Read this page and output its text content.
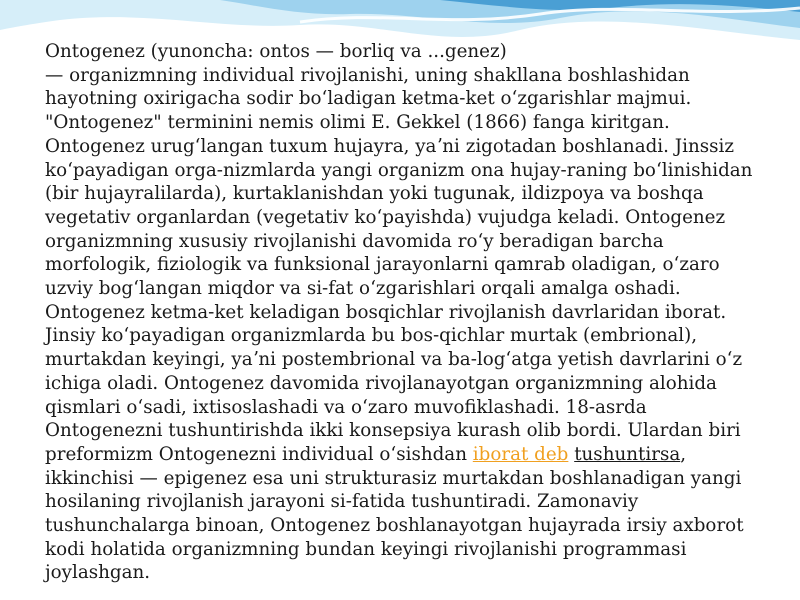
Ontogenez (yunoncha: ontos — borliq va ...genez)
— organizmning individual rivojlanishi, uning shakllana boshlashidan hayotning oxirigacha sodir boʻladigan ketma-ket oʻzgarishlar majmui. "Ontogenez" terminini nemis olimi E. Gekkel (1866) fanga kiritgan. Ontogenez urugʻlangan tuxum hujayra, yaʼni zigotadan boshlanadi. Jinssiz koʻpayadigan orga-nizmlarda yangi organizm ona hujay-raning boʻlinishidan (bir hujayralilarda), kurtaklanishdan yoki tugunak, ildizpoya va boshqa vegetativ organlardan (vegetativ koʻpayishda) vujudga keladi. Ontogenez organizmning xususiy rivojlanishi davomida roʻy beradigan barcha morfologik, fiziologik va funksional jarayonlarni qamrab oladigan, oʻzaro uzviy bogʻlangan miqdor va si-fat oʻzgarishlari orqali amalga oshadi. Ontogenez ketma-ket keladigan bosqichlar rivojlanish davrlaridan iborat. Jinsiy koʻpayadigan organizmlarda bu bos-qichlar murtak (embrional), murtakdan keyingi, yaʼni postembrional va ba-logʻatga yetish davrlarini oʻz ichiga oladi. Ontogenez davomida rivojlanayotgan organizmning alohida qismlari oʻsadi, ixtisoslashadi va oʻzaro muvofiklashadi. 18-asrda Ontogenezni tushuntirishda ikki konsepsiya kurash olib bordi. Ulardan biri preformizm Ontogenezni individual oʻsishdan iborat deb tushuntirsa, ikkinchisi — epigenez esa uni strukturasiz murtakdan boshlanadigan yangi hosilaning rivojlanish jarayoni si-fatida tushuntiradi. Zamonaviy tushunchalarga binoan, Ontogenez boshlanayotgan hujayrada irsiy axborot kodi holatida organizmning bundan keyingi rivojlanishi programmasi joylashgan.
